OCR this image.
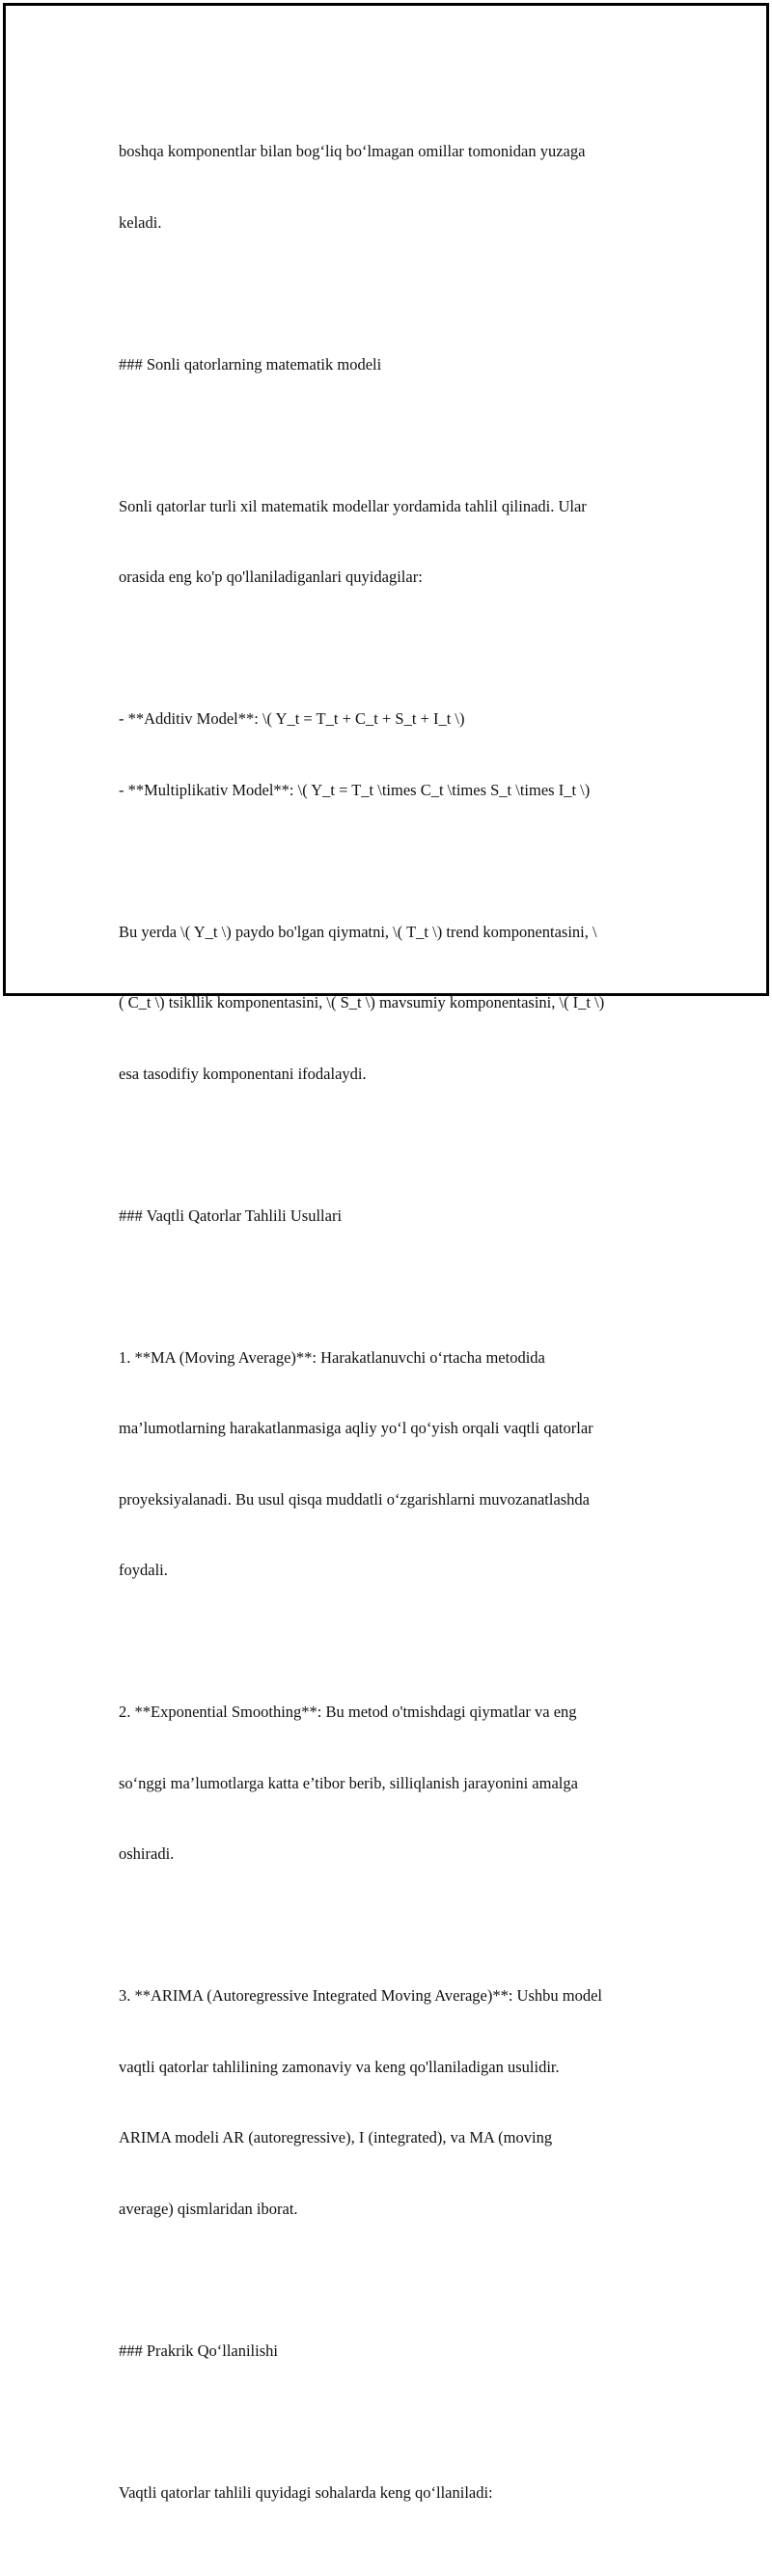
boshqa komponentlar bilan bog‘liq bo‘lmagan omillar tomonidan yuzaga

keladi.

### Sonli qatorlarning matematik modeli

Sonli qatorlar turli xil matematik modellar yordamida tahlil qilinadi. Ular

orasida eng ko'p qo'llaniladiganlari quyidagilar:

- **Additiv Model**: \( Y_t = T_t + C_t + S_t + I_t \)

- **Multiplikativ Model**: \( Y_t = T_t \times C_t \times S_t \times I_t \)

Bu yerda \( Y_t \) paydo bo'lgan qiymatni, \( T_t \) trend komponentasini, \

( C_t \) tsikllik komponentasini, \( S_t \) mavsumiy komponentasini, \( I_t \)

esa tasodifiy komponentani ifodalaydi.

### Vaqtli Qatorlar Tahlili Usullari

1. **MA (Moving Average)**: Harakatlanuvchi o‘rtacha metodida

ma’lumotlarning harakatlanmasiga aqliy yo‘l qo‘yish orqali vaqtli qatorlar

proyeksiyalanadi. Bu usul qisqa muddatli o‘zgarishlarni muvozanatlashda

foydali.

2. **Exponential Smoothing**: Bu metod o'tmishdagi qiymatlar va eng

so‘nggi ma’lumotlarga katta e’tibor berib, silliqlanish jarayonini amalga

oshiradi.

3. **ARIMA (Autoregressive Integrated Moving Average)**: Ushbu model

vaqtli qatorlar tahlilining zamonaviy va keng qo'llaniladigan usulidir.

ARIMA modeli AR (autoregressive), I (integrated), va MA (moving

average) qismlaridan iborat.

### Prakrik Qo‘llanilishi

Vaqtli qatorlar tahlili quyidagi sohalarda keng qo‘llaniladi:
